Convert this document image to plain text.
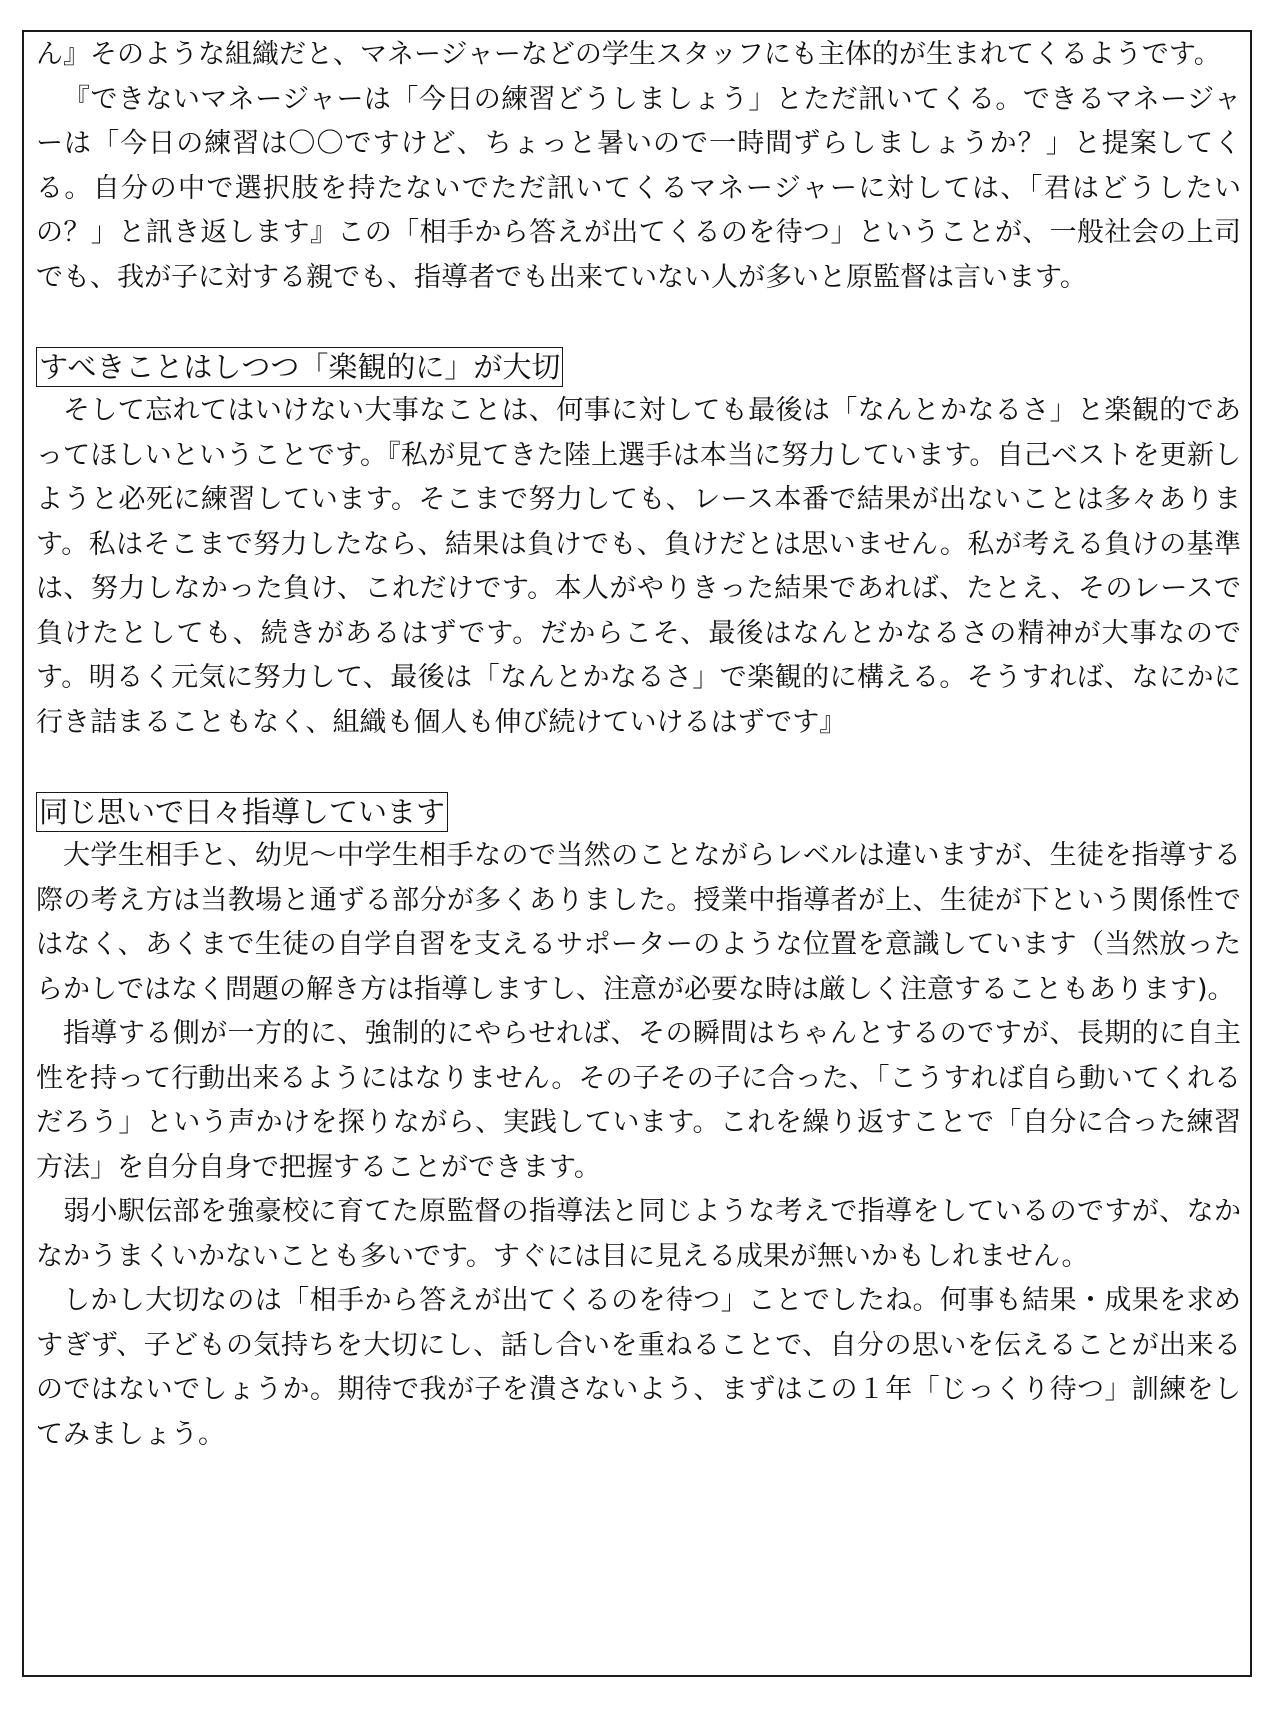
ん』そのような組織だと、マネージャーなどの学生スタッフにも主体的が生まれてくるようです。

『できないマネージャーは「今日の練習どうしましょう」とただ訊いてくる。できるマネージャーは「今日の練習は〇〇ですけど、ちょっと暑いので一時間ずらしましょうか？」と提案してくる。自分の中で選択肢を持たないでただ訊いてくるマネージャーに対しては、「君はどうしたいの？」と訊き返します』この「相手から答えが出てくるのを待つ」ということが、一般社会の上司でも、我が子に対する親でも、指導者でも出来ていない人が多いと原監督は言います。

すべきことはしつつ「楽観的に」が大切

そして忘れてはいけない大事なことは、何事に対しても最後は「なんとかなるさ」と楽観的であってほしいということです。『私が見てきた陸上選手は本当に努力しています。自己ベストを更新しようと必死に練習しています。そこまで努力しても、レース本番で結果が出ないことは多々あります。私はそこまで努力したなら、結果は負けでも、負けだとは思いません。私が考える負けの基準は、努力しなかった負け、これだけです。本人がやりきった結果であれば、たとえ、そのレースで負けたとしても、続きがあるはずです。だからこそ、最後はなんとかなるさの精神が大事なのです。明るく元気に努力して、最後は「なんとかなるさ」で楽観的に構える。そうすれば、なにかに行き詰まることもなく、組織も個人も伸び続けていけるはずです』

同じ思いで日々指導しています

大学生相手と、幼児～中学生相手なので当然のことながらレベルは違いますが、生徒を指導する際の考え方は当教場と通ずる部分が多くありました。授業中指導者が上、生徒が下という関係性ではなく、あくまで生徒の自学自習を支えるサポーターのような位置を意識しています（当然放ったらかしではなく問題の解き方は指導しますし、注意が必要な時は厳しく注意することもあります)。

指導する側が一方的に、強制的にやらせれば、その瞬間はちゃんとするのですが、長期的に自主性を持って行動出来るようにはなりません。その子その子に合った、「こうすれば自ら動いてくれるだろう」という声かけを探りながら、実践しています。これを繰り返すことで「自分に合った練習方法」を自分自身で把握することができます。

弱小駅伝部を強豪校に育てた原監督の指導法と同じような考えで指導をしているのですが、なかなかうまくいかないことも多いです。すぐには目に見える成果が無いかもしれません。

しかし大切なのは「相手から答えが出てくるのを待つ」ことでしたね。何事も結果・成果を求めすぎず、子どもの気持ちを大切にし、話し合いを重ねることで、自分の思いを伝えることが出来るのではないでしょうか。期待で我が子を潰さないよう、まずはこの１年「じっくり待つ」訓練をしてみましょう。
